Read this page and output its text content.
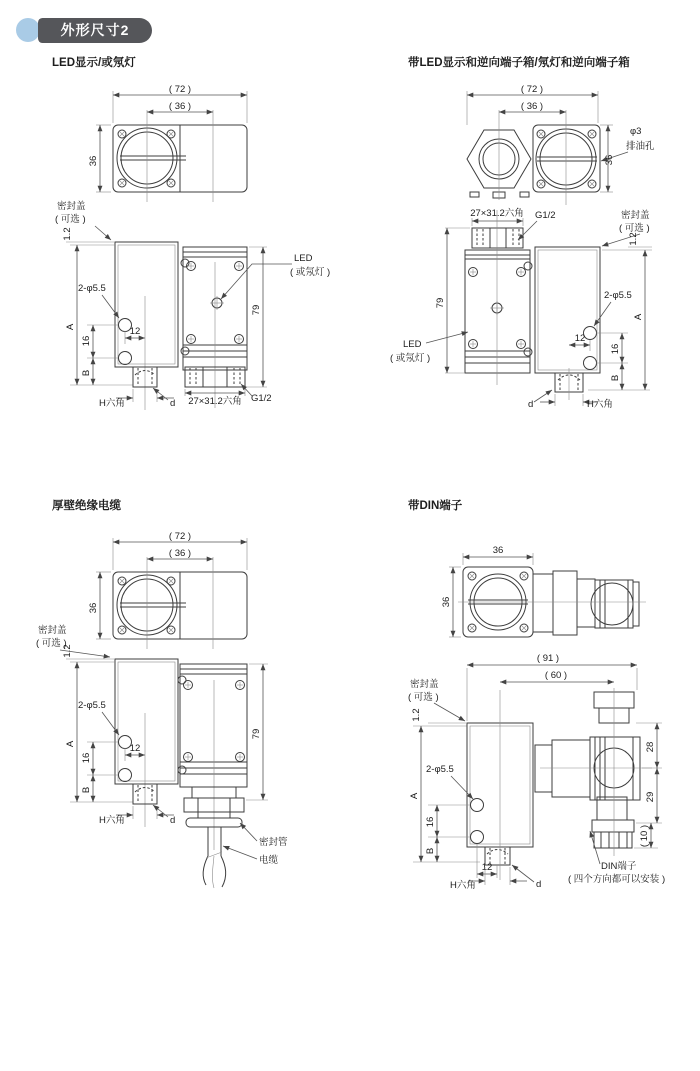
外形尺寸2
LED显示/或氖灯
( 72 )
( 36 )
36
密封盖
( 可选 )
1.2
A
16
B
2-φ5.5
12
H六角	d 27×31.2六角 G1/2
79
LED
( 或氖灯 )
带LED显示和逆向端子箱/氖灯和逆向端子箱
( 72 )
( 36 )
φ3
排油孔
36
27×31.2六角 G1/2
79
LED
( 或氖灯 )
密封盖
( 可选 )
1.2
A
16
B
2-φ5.5
12
d	H六角
厚壁绝缘电缆
( 72 )
( 36 )
36
密封盖
( 可选 )
1.2
A
16
B
2-φ5.5
12
H六角	d
79
密封管
电缆
带DIN端子
36
36
( 91 )
( 60 )
密封盖
( 可选 )
1.2
2-φ5.5
A
16
B
12
H六角	d
28
29
( 10 )
DIN端子
( 四个方向都可以安装 )
